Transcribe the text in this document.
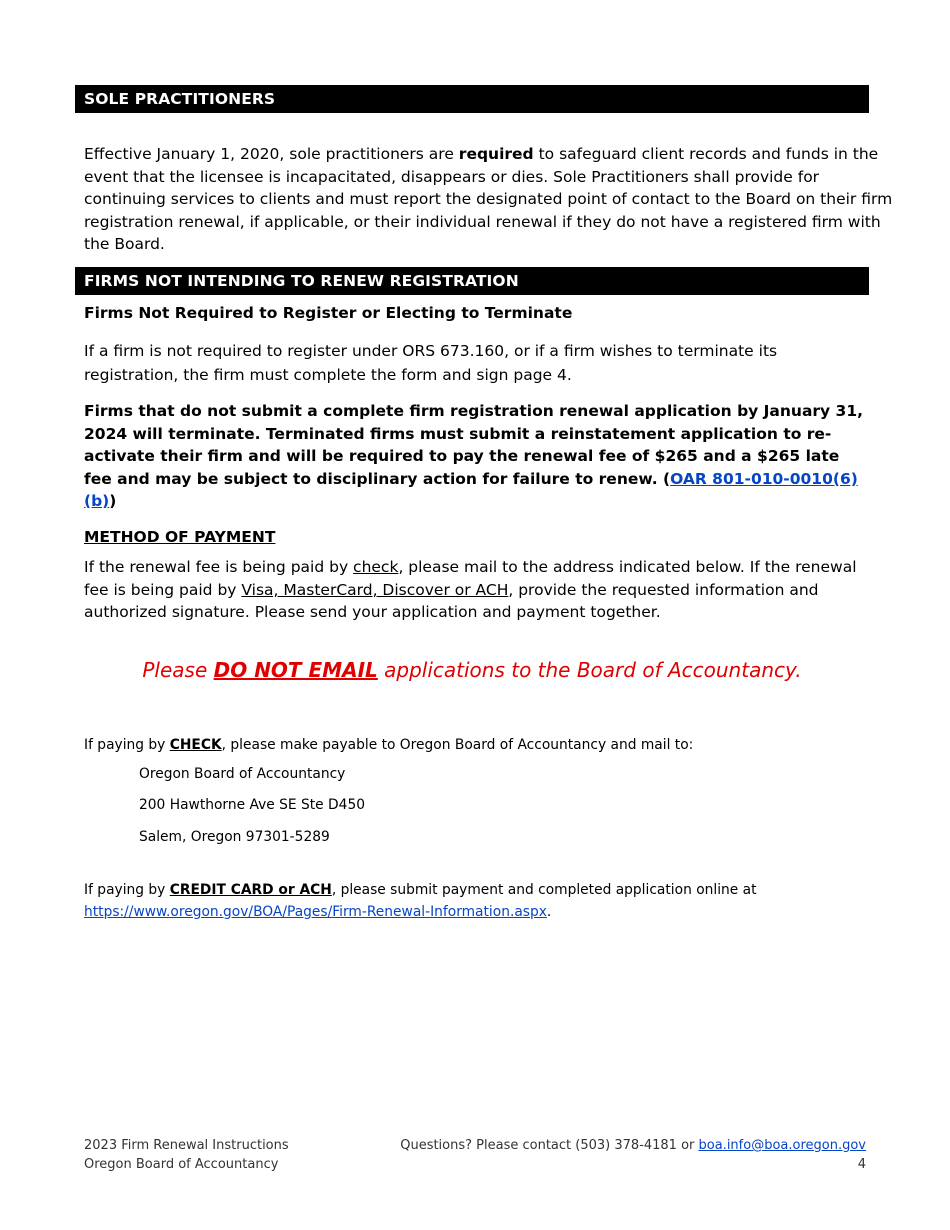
SOLE PRACTITIONERS
Effective January 1, 2020, sole practitioners are required to safeguard client records and funds in the event that the licensee is incapacitated, disappears or dies. Sole Practitioners shall provide for continuing services to clients and must report the designated point of contact to the Board on their firm registration renewal, if applicable, or their individual renewal if they do not have a registered firm with the Board.
FIRMS NOT INTENDING TO RENEW REGISTRATION
Firms Not Required to Register or Electing to Terminate
If a firm is not required to register under ORS 673.160, or if a firm wishes to terminate its registration, the firm must complete the form and sign page 4.
Firms that do not submit a complete firm registration renewal application by January 31, 2024 will terminate. Terminated firms must submit a reinstatement application to re-activate their firm and will be required to pay the renewal fee of $265 and a $265 late fee and may be subject to disciplinary action for failure to renew. (OAR 801-010-0010(6)(b))
METHOD OF PAYMENT
If the renewal fee is being paid by check, please mail to the address indicated below. If the renewal fee is being paid by Visa, MasterCard, Discover or ACH, provide the requested information and authorized signature. Please send your application and payment together.
Please DO NOT EMAIL applications to the Board of Accountancy.
If paying by CHECK, please make payable to Oregon Board of Accountancy and mail to:
Oregon Board of Accountancy
200 Hawthorne Ave SE Ste D450
Salem, Oregon 97301-5289
If paying by CREDIT CARD or ACH, please submit payment and completed application online at
https://www.oregon.gov/BOA/Pages/Firm-Renewal-Information.aspx.
2023 Firm Renewal Instructions
Oregon Board of Accountancy
Questions? Please contact (503) 378-4181 or boa.info@boa.oregon.gov
4
